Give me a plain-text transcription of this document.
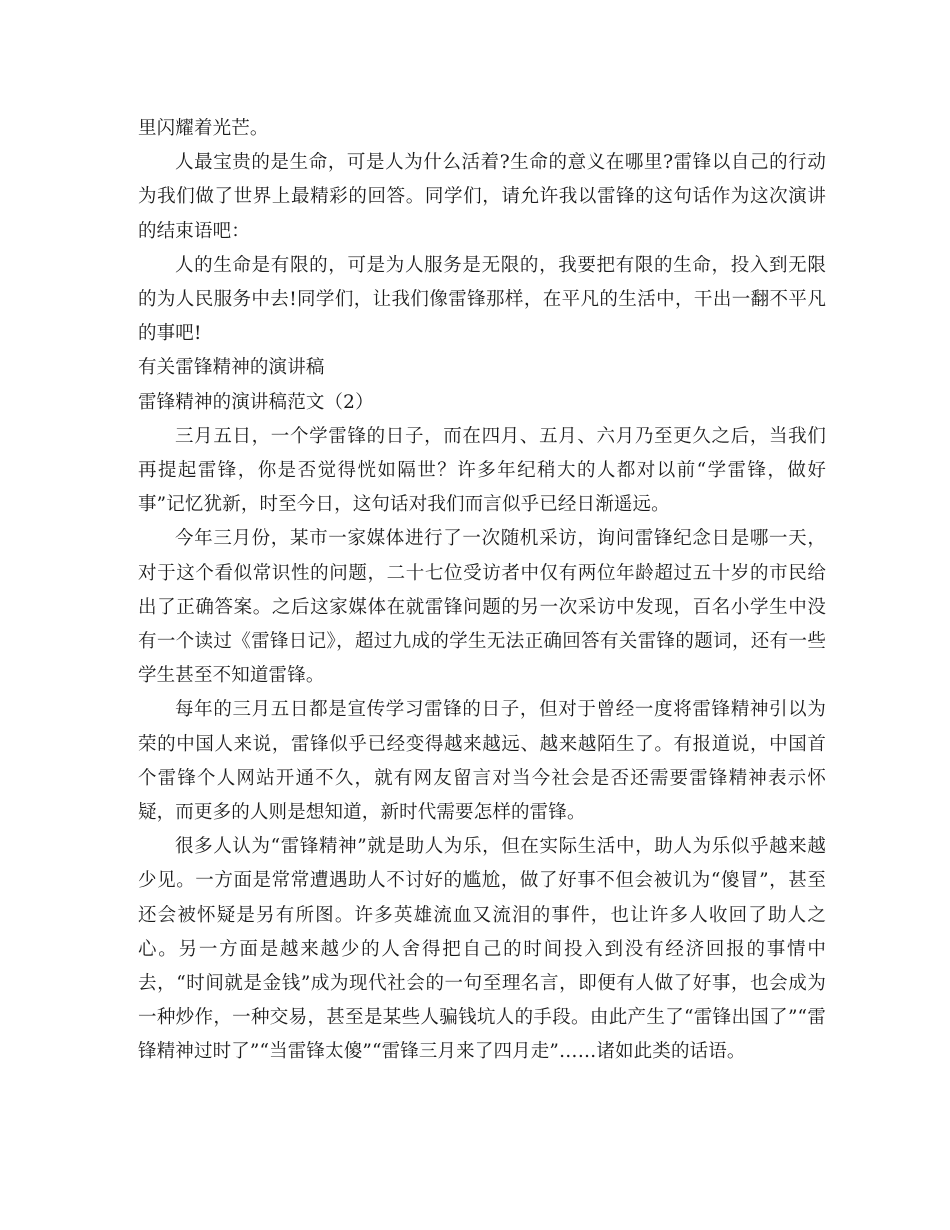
里闪耀着光芒。

人最宝贵的是生命，可是人为什么活着?生命的意义在哪里?雷锋以自己的行动为我们做了世界上最精彩的回答。同学们，请允许我以雷锋的这句话作为这次演讲的结束语吧：

人的生命是有限的，可是为人服务是无限的，我要把有限的生命，投入到无限的为人民服务中去!同学们，让我们像雷锋那样，在平凡的生活中，干出一翻不平凡的事吧!

有关雷锋精神的演讲稿

雷锋精神的演讲稿范文（2）

三月五日，一个学雷锋的日子，而在四月、五月、六月乃至更久之后，当我们再提起雷锋，你是否觉得恍如隔世？许多年纪稍大的人都对以前“学雷锋，做好事”记忆犹新，时至今日，这句话对我们而言似乎已经日渐遥远。

今年三月份，某市一家媒体进行了一次随机采访，询问雷锋纪念日是哪一天，对于这个看似常识性的问题，二十七位受访者中仅有两位年龄超过五十岁的市民给出了正确答案。之后这家媒体在就雷锋问题的另一次采访中发现，百名小学生中没有一个读过《雷锋日记》，超过九成的学生无法正确回答有关雷锋的题词，还有一些学生甚至不知道雷锋。

每年的三月五日都是宣传学习雷锋的日子，但对于曾经一度将雷锋精神引以为荣的中国人来说，雷锋似乎已经变得越来越远、越来越陌生了。有报道说，中国首个雷锋个人网站开通不久，就有网友留言对当今社会是否还需要雷锋精神表示怀疑，而更多的人则是想知道，新时代需要怎样的雷锋。

很多人认为“雷锋精神”就是助人为乐，但在实际生活中，助人为乐似乎越来越少见。一方面是常常遭遇助人不讨好的尴尬，做了好事不但会被讥为“傻冒”，甚至还会被怀疑是另有所图。许多英雄流血又流泪的事件，也让许多人收回了助人之心。另一方面是越来越少的人舍得把自己的时间投入到没有经济回报的事情中去，“时间就是金钱”成为现代社会的一句至理名言，即便有人做了好事，也会成为一种炒作，一种交易，甚至是某些人骗钱坑人的手段。由此产生了“雷锋出国了”“雷锋精神过时了”“当雷锋太傻”“雷锋三月来了四月走”……诸如此类的话语。
